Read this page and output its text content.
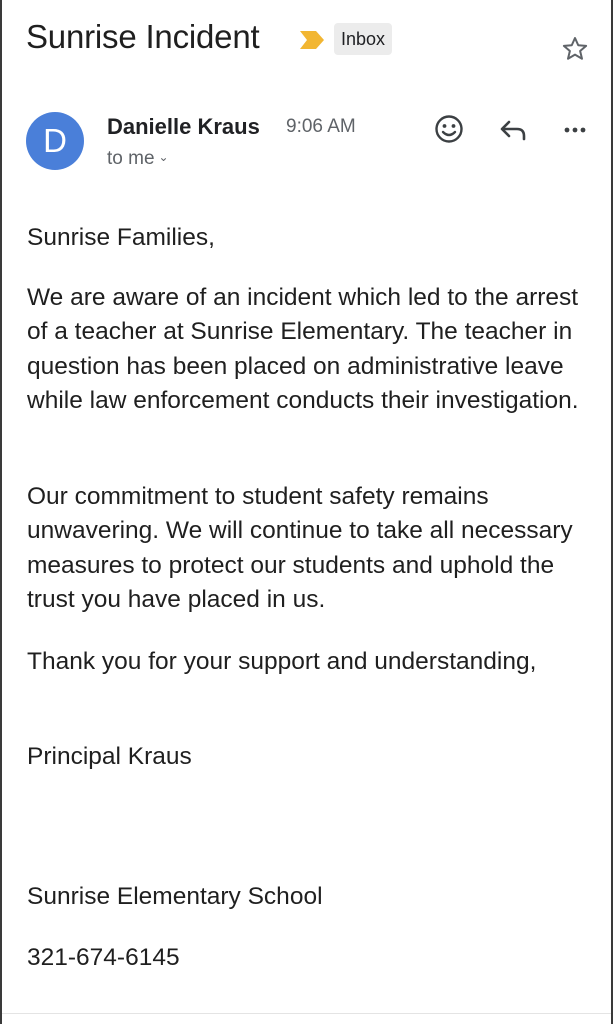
Sunrise Incident	Inbox
D	Danielle Kraus 9:06 AM
to me ⌄
Sunrise Families,
We are aware of an incident which led to the arrest of a teacher at Sunrise Elementary. The teacher in question has been placed on administrative leave while law enforcement conducts their investigation.
Our commitment to student safety remains unwavering. We will continue to take all necessary measures to protect our students and uphold the trust you have placed in us.
Thank you for your support and understanding,
Principal Kraus
Sunrise Elementary School
321-674-6145
